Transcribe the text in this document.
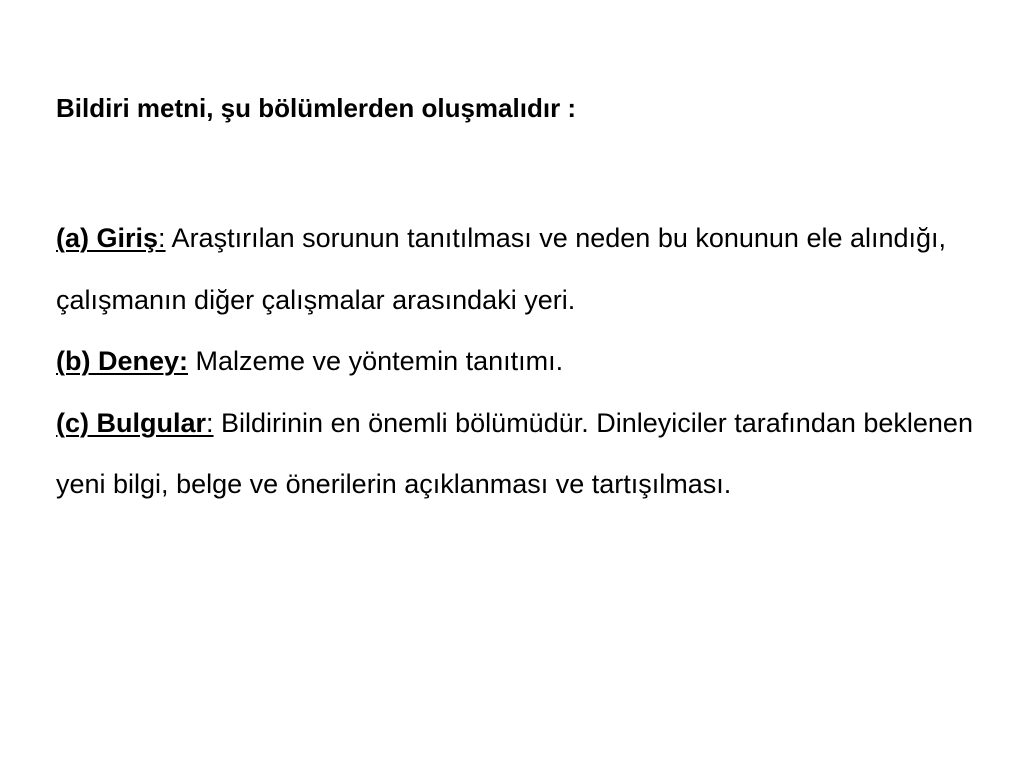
Bildiri metni, şu bölümlerden oluşmalıdır :

(a) Giriş: Araştırılan sorunun tanıtılması ve neden bu konunun ele alındığı, çalışmanın diğer çalışmalar arasındaki yeri.

(b) Deney: Malzeme ve yöntemin tanıtımı.

(c) Bulgular: Bildirinin en önemli bölümüdür. Dinleyiciler tarafından beklenen yeni bilgi, belge ve önerilerin açıklanması ve tartışılması.
